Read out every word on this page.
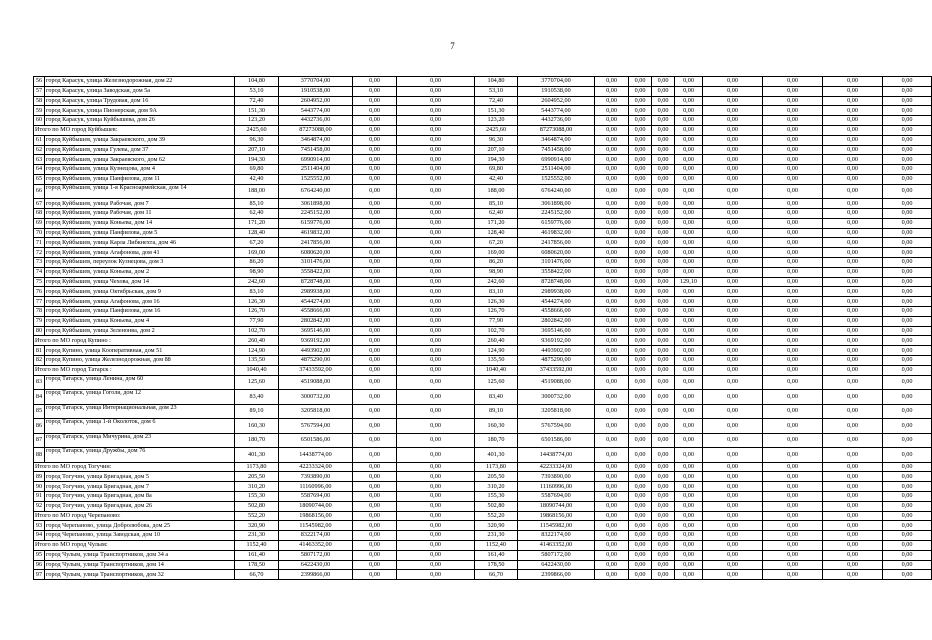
7
56	город Карасук, улица Железнодорожная, дом 22	104,80	3770704,00	0,00	0,00	104,80	3770704,00	0,00	0,00	0,00	0,00	0,00	0,00	0,00	0,00
57	город Карасук, улица Заводская, дом 5а	53,10	1910538,00	0,00	0,00	53,10	1910538,00	0,00	0,00	0,00	0,00	0,00	0,00	0,00	0,00
58	город Карасук, улица Трудовая, дом 16	72,40	2604952,00	0,00	0,00	72,40	2604952,00	0,00	0,00	0,00	0,00	0,00	0,00	0,00	0,00
59	город Карасук, улица Пионерская, дом 9А	151,30	5443774,00	0,00	0,00	151,30	5443774,00	0,00	0,00	0,00	0,00	0,00	0,00	0,00	0,00
60	город Карасук, улица Куйбышева, дом 26	123,20	4432736,00	0,00	0,00	123,20	4432736,00	0,00	0,00	0,00	0,00	0,00	0,00	0,00	0,00
Итого по МО город Куйбышев:		2425,60	87273088,00	0,00	0,00	2425,60	87273088,00	0,00	0,00	0,00	0,00	0,00	0,00	0,00	0,00
61	город Куйбышев, улица Закраевского, дом 39	96,30	3464874,00	0,00	0,00	96,30	3464874,00	0,00	0,00	0,00	0,00	0,00	0,00	0,00	0,00
62	город Куйбышев, улица Гулева, дом 37	207,10	7451458,00	0,00	0,00	207,10	7451458,00	0,00	0,00	0,00	0,00	0,00	0,00	0,00	0,00
63	город Куйбышев, улица Закраевского, дом 62	194,30	6990914,00	0,00	0,00	194,30	6990914,00	0,00	0,00	0,00	0,00	0,00	0,00	0,00	0,00
64	город Куйбышев, улица Кузнецова, дом 4	69,80	2511404,00	0,00	0,00	69,80	2511404,00	0,00	0,00	0,00	0,00	0,00	0,00	0,00	0,00
65	город Куйбышев, улица Панфилова, дом 11	42,40	1525552,00	0,00	0,00	42,40	1525552,00	0,00	0,00	0,00	0,00	0,00	0,00	0,00	0,00
66	город Куйбышев, улица 1-я Красноармейская, дом 14	188,00	6764240,00	0,00	0,00	188,00	6764240,00	0,00	0,00	0,00	0,00	0,00	0,00	0,00	0,00
67	город Куйбышев, улица Рабочая, дом 7	85,10	3061898,00	0,00	0,00	85,10	3061898,00	0,00	0,00	0,00	0,00	0,00	0,00	0,00	0,00
68	город Куйбышев, улица Рабочая, дом 11	62,40	2245152,00	0,00	0,00	62,40	2245152,00	0,00	0,00	0,00	0,00	0,00	0,00	0,00	0,00
69	город Куйбышев, улица Коньева, дом 14	171,20	6159776,00	0,00	0,00	171,20	6159776,00	0,00	0,00	0,00	0,00	0,00	0,00	0,00	0,00
70	город Куйбышев, улица Панфилова, дом 5	128,40	4619832,00	0,00	0,00	128,40	4619832,00	0,00	0,00	0,00	0,00	0,00	0,00	0,00	0,00
71	город Куйбышев, улица Карла Либкнехта, дом 46	67,20	2417856,00	0,00	0,00	67,20	2417856,00	0,00	0,00	0,00	0,00	0,00	0,00	0,00	0,00
72	город Куйбышев, улица Агафонова, дом 41	169,00	6080620,00	0,00	0,00	169,00	6080620,00	0,00	0,00	0,00	0,00	0,00	0,00	0,00	0,00
73	город Куйбышев, переулок Кузнецова, дом 3	86,20	3101476,00	0,00	0,00	86,20	3101476,00	0,00	0,00	0,00	0,00	0,00	0,00	0,00	0,00
74	город Куйбышев, улица Коньева, дом 2	98,90	3558422,00	0,00	0,00	98,90	3558422,00	0,00	0,00	0,00	0,00	0,00	0,00	0,00	0,00
75	город Куйбышев, улица Чехова, дом 14	242,60	8728748,00	0,00	0,00	242,60	8728748,00	0,00	0,00	0,00	129,10	0,00	0,00	0,00	0,00
76	город Куйбышев, улица Октябрьская, дом 9	83,10	2989938,00	0,00	0,00	83,10	2989938,00	0,00	0,00	0,00	0,00	0,00	0,00	0,00	0,00
77	город Куйбышев, улица Агафонова, дом 16	126,30	4544274,00	0,00	0,00	126,30	4544274,00	0,00	0,00	0,00	0,00	0,00	0,00	0,00	0,00
78	город Куйбышев, улица Панфилова, дом 16	126,70	4558666,00	0,00	0,00	126,70	4558666,00	0,00	0,00	0,00	0,00	0,00	0,00	0,00	0,00
79	город Куйбышев, улица Коньева, дом 4	77,90	2802842,00	0,00	0,00	77,90	2802842,00	0,00	0,00	0,00	0,00	0,00	0,00	0,00	0,00
80	город Куйбышев, улица Зеленонва, дом 2	102,70	3695146,00	0,00	0,00	102,70	3695146,00	0,00	0,00	0,00	0,00	0,00	0,00	0,00	0,00
Итого по МО город Купино :		260,40	9369192,00	0,00	0,00	260,40	9369192,00	0,00	0,00	0,00	0,00	0,00	0,00	0,00	0,00
81	город Купино, улица Кооперативная, дом 51	124,90	4493902,00	0,00	0,00	124,90	4493902,00	0,00	0,00	0,00	0,00	0,00	0,00	0,00	0,00
82	город Купино, улица Железнодорожная, дом 88	135,50	4875290,00	0,00	0,00	135,50	4875290,00	0,00	0,00	0,00	0,00	0,00	0,00	0,00	0,00
Итого по МО город Татарск :		1040,40	37433592,00	0,00	0,00	1040,40	37433592,00	0,00	0,00	0,00	0,00	0,00	0,00	0,00	0,00
83	город Татарск, улица Ленина, дом 60	125,60	4519088,00	0,00	0,00	125,60	4519088,00	0,00	0,00	0,00	0,00	0,00	0,00	0,00	0,00
84	город Татарск, улица Гоголя, дом 12	83,40	3000732,00	0,00	0,00	83,40	3000732,00	0,00	0,00	0,00	0,00	0,00	0,00	0,00	0,00
85	город Татарск, улица Интернациональная, дом 23	89,10	3205818,00	0,00	0,00	89,10	3205818,00	0,00	0,00	0,00	0,00	0,00	0,00	0,00	0,00
86	город Татарск, улица 1-й Околоток, дом 6	160,30	5767594,00	0,00	0,00	160,30	5767594,00	0,00	0,00	0,00	0,00	0,00	0,00	0,00	0,00
87	город Татарск, улица Мичурина, дом 23	180,70	6501586,00	0,00	0,00	180,70	6501586,00	0,00	0,00	0,00	0,00	0,00	0,00	0,00	0,00
88	город Татарск, улица Дружбы, дом 76	401,30	14438774,00	0,00	0,00	401,30	14438774,00	0,00	0,00	0,00	0,00	0,00	0,00	0,00	0,00
Итого по МО город Тогучин:		1173,80	42233324,00	0,00	0,00	1173,80	42233324,00	0,00	0,00	0,00	0,00	0,00	0,00	0,00	0,00
89	город Тогучин, улица Бригадная, дом 5	205,50	7393890,00	0,00	0,00	205,50	7393890,00	0,00	0,00	0,00	0,00	0,00	0,00	0,00	0,00
90	город Тогучин, улица Бригадная, дом 7	310,20	11160996,00	0,00	0,00	310,20	11160996,00	0,00	0,00	0,00	0,00	0,00	0,00	0,00	0,00
91	город Тогучин, улица Бригадная, дом 8а	155,30	5587694,00	0,00	0,00	155,30	5587694,00	0,00	0,00	0,00	0,00	0,00	0,00	0,00	0,00
92	город Тогучин, улица Бригадная, дом 26	502,80	18090744,00	0,00	0,00	502,80	18090744,00	0,00	0,00	0,00	0,00	0,00	0,00	0,00	0,00
Итого по МО город Черепаново:		552,20	19868156,00	0,00	0,00	552,20	19868156,00	0,00	0,00	0,00	0,00	0,00	0,00	0,00	0,00
93	город Черепаново, улица Добролюбова, дом 25	320,90	11545982,00	0,00	0,00	320,90	11545982,00	0,00	0,00	0,00	0,00	0,00	0,00	0,00	0,00
94	город Черепаново, улица Заводская, дом 10	231,30	8322174,00	0,00	0,00	231,30	8322174,00	0,00	0,00	0,00	0,00	0,00	0,00	0,00	0,00
Итого по МО город Чулым:		1152,40	41463352,00	0,00	0,00	1152,40	41463352,00	0,00	0,00	0,00	0,00	0,00	0,00	0,00	0,00
95	город Чулым, улица Транспортников, дом 34 а	161,40	5807172,00	0,00	0,00	161,40	5807172,00	0,00	0,00	0,00	0,00	0,00	0,00	0,00	0,00
96	город Чулым, улица Транспортников, дом 14	178,50	6422430,00	0,00	0,00	178,50	6422430,00	0,00	0,00	0,00	0,00	0,00	0,00	0,00	0,00
97	город Чулым, улица Транспортников, дом 32	66,70	2399866,00	0,00	0,00	66,70	2399866,00	0,00	0,00	0,00	0,00	0,00	0,00	0,00	0,00
